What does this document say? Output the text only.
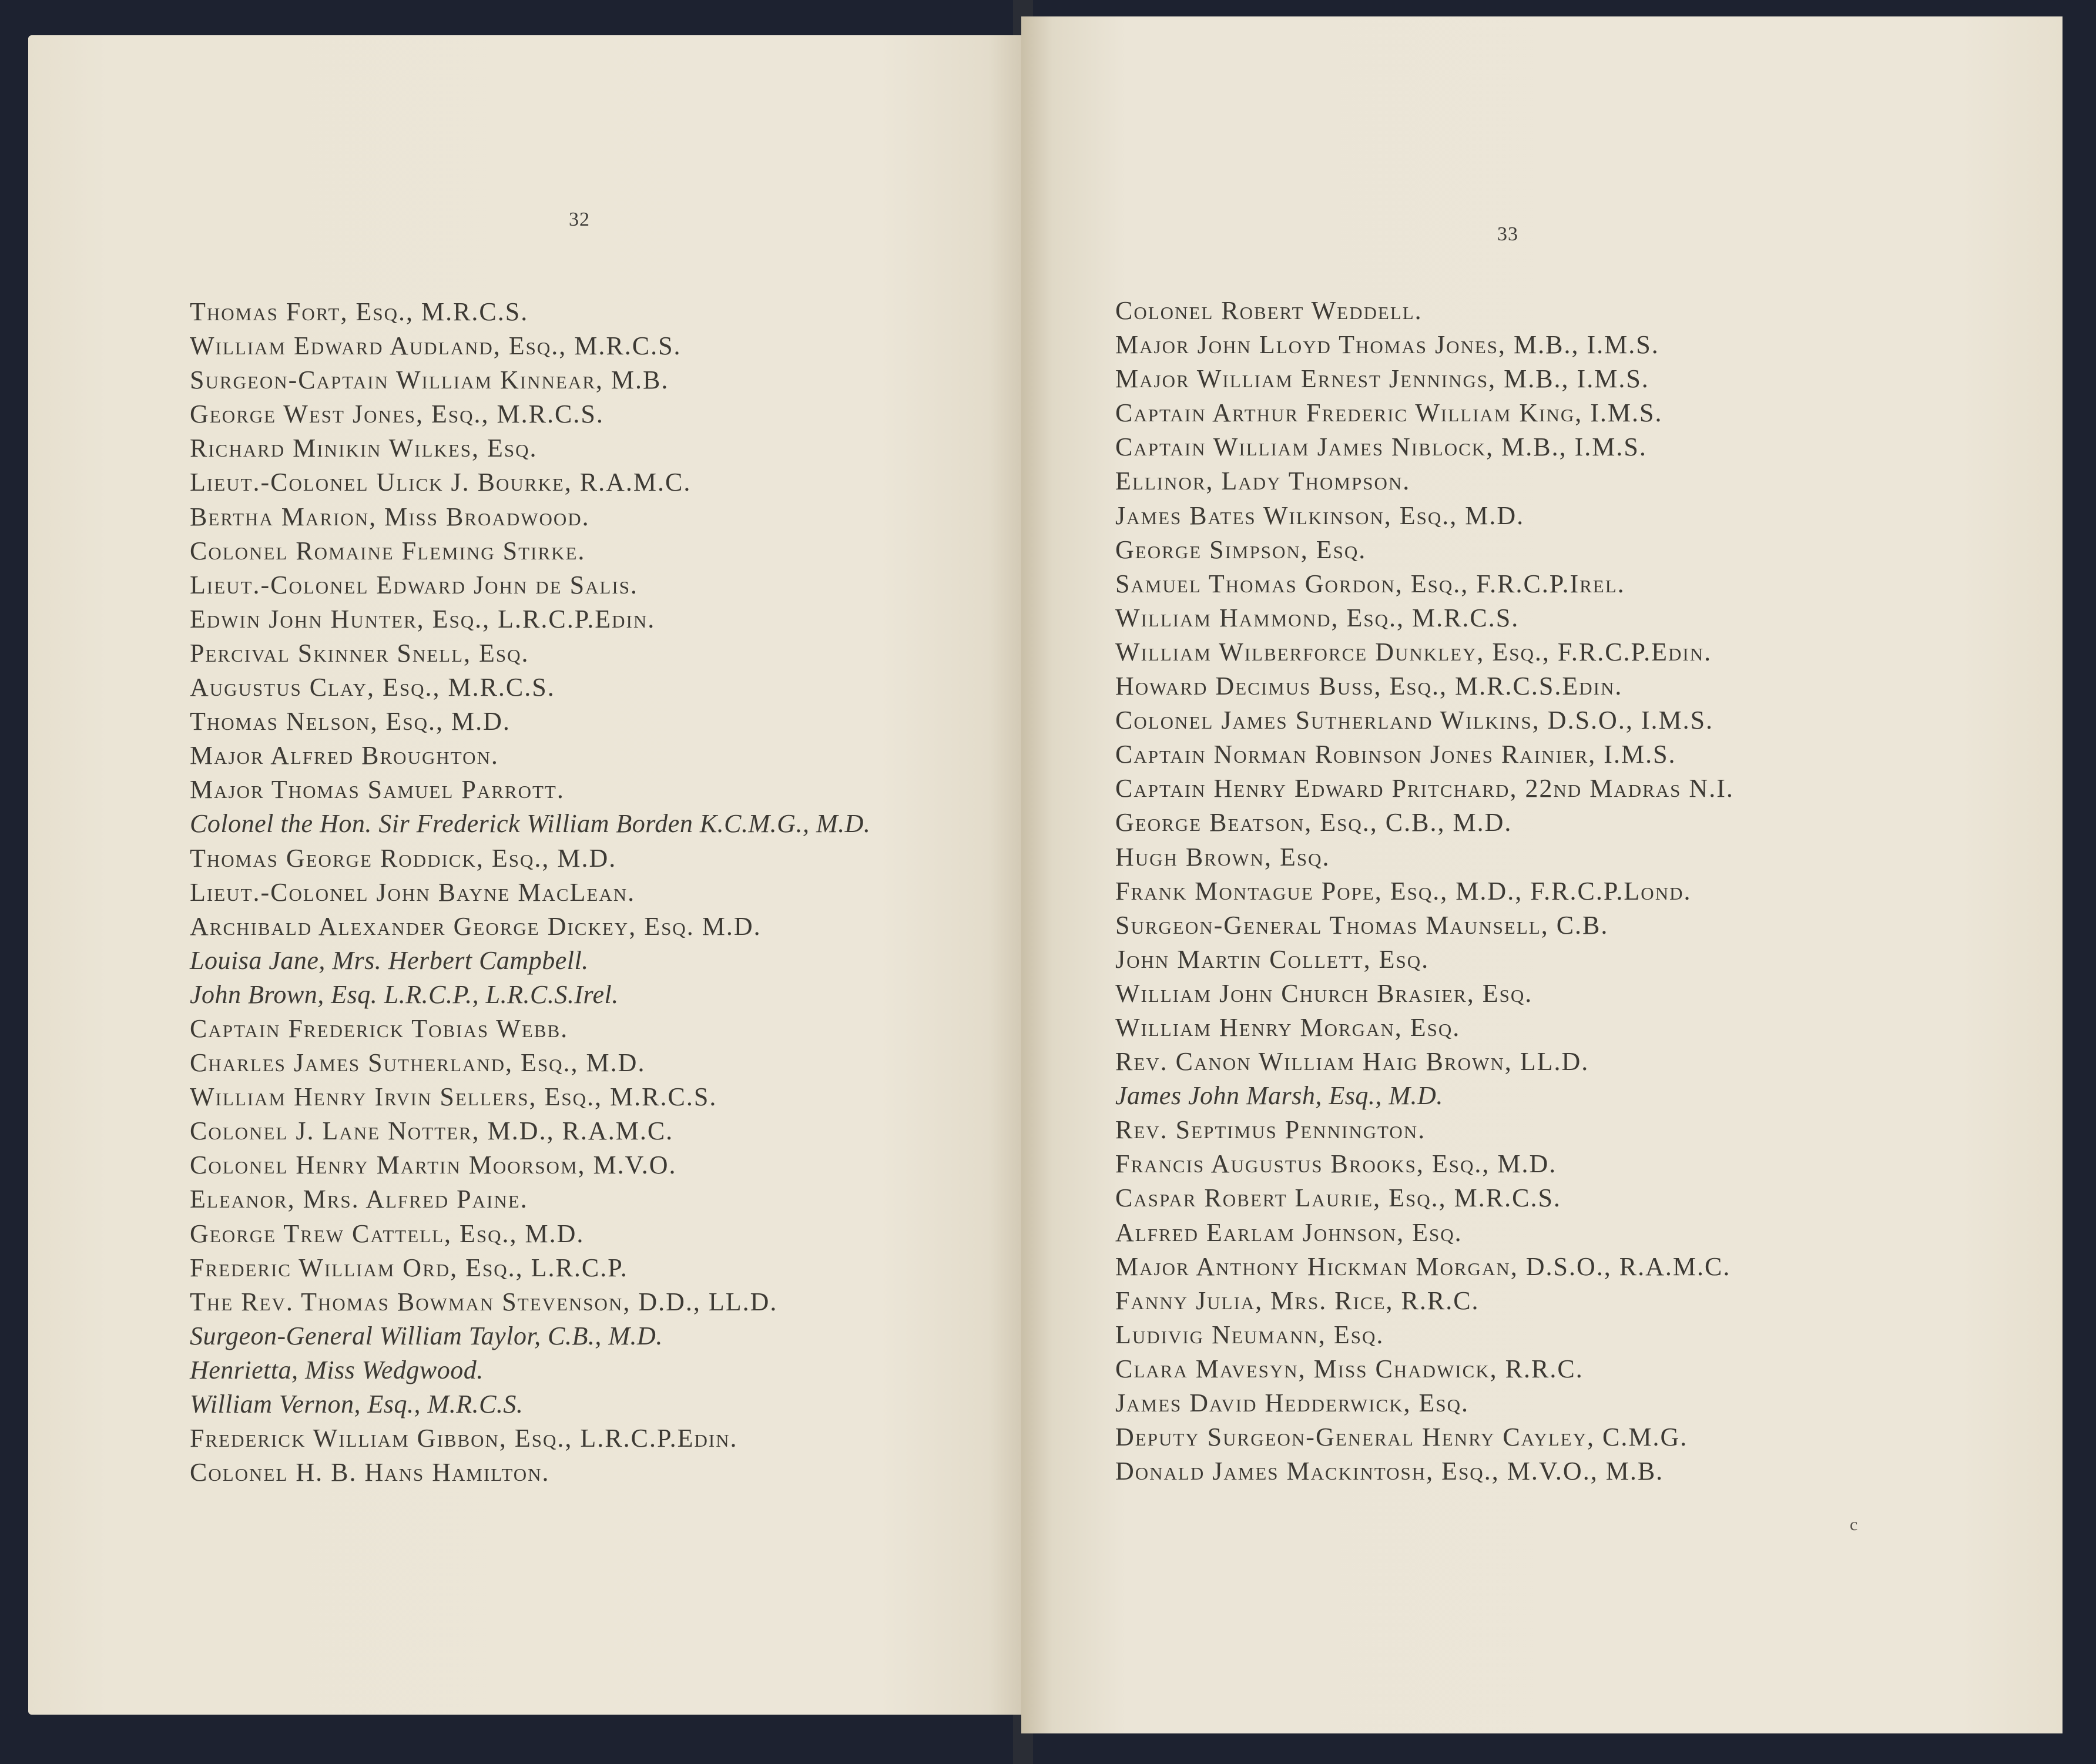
32
Thomas Fort, Esq., M.R.C.S.
William Edward Audland, Esq., M.R.C.S.
Surgeon-Captain William Kinnear, M.B.
George West Jones, Esq., M.R.C.S.
Richard Minikin Wilkes, Esq.
Lieut.-Colonel Ulick J. Bourke, R.A.M.C.
Bertha Marion, Miss Broadwood.
Colonel Romaine Fleming Stirke.
Lieut.-Colonel Edward John de Salis.
Edwin John Hunter, Esq., L.R.C.P.Edin.
Percival Skinner Snell, Esq.
Augustus Clay, Esq., M.R.C.S.
Thomas Nelson, Esq., M.D.
Major Alfred Broughton.
Major Thomas Samuel Parrott.
Colonel the Hon. Sir Frederick William Borden K.C.M.G., M.D.
Thomas George Roddick, Esq., M.D.
Lieut.-Colonel John Bayne MacLean.
Archibald Alexander George Dickey, Esq. M.D.
Louisa Jane, Mrs. Herbert Campbell.
John Brown, Esq. L.R.C.P., L.R.C.S.Irel.
Captain Frederick Tobias Webb.
Charles James Sutherland, Esq., M.D.
William Henry Irvin Sellers, Esq., M.R.C.S.
Colonel J. Lane Notter, M.D., R.A.M.C.
Colonel Henry Martin Moorsom, M.V.O.
Eleanor, Mrs. Alfred Paine.
George Trew Cattell, Esq., M.D.
Frederic William Ord, Esq., L.R.C.P.
The Rev. Thomas Bowman Stevenson, D.D., LL.D.
Surgeon-General William Taylor, C.B., M.D.
Henrietta, Miss Wedgwood.
William Vernon, Esq., M.R.C.S.
Frederick William Gibbon, Esq., L.R.C.P.Edin.
Colonel H. B. Hans Hamilton.
33
Colonel Robert Weddell.
Major John Lloyd Thomas Jones, M.B., I.M.S.
Major William Ernest Jennings, M.B., I.M.S.
Captain Arthur Frederic William King, I.M.S.
Captain William James Niblock, M.B., I.M.S.
Ellinor, Lady Thompson.
James Bates Wilkinson, Esq., M.D.
George Simpson, Esq.
Samuel Thomas Gordon, Esq., F.R.C.P.Irel.
William Hammond, Esq., M.R.C.S.
William Wilberforce Dunkley, Esq., F.R.C.P.Edin.
Howard Decimus Buss, Esq., M.R.C.S.Edin.
Colonel James Sutherland Wilkins, D.S.O., I.M.S.
Captain Norman Robinson Jones Rainier, I.M.S.
Captain Henry Edward Pritchard, 22nd Madras N.I.
George Beatson, Esq., C.B., M.D.
Hugh Brown, Esq.
Frank Montague Pope, Esq., M.D., F.R.C.P.Lond.
Surgeon-General Thomas Maunsell, C.B.
John Martin Collett, Esq.
William John Church Brasier, Esq.
William Henry Morgan, Esq.
Rev. Canon William Haig Brown, LL.D.
James John Marsh, Esq., M.D.
Rev. Septimus Pennington.
Francis Augustus Brooks, Esq., M.D.
Caspar Robert Laurie, Esq., M.R.C.S.
Alfred Earlam Johnson, Esq.
Major Anthony Hickman Morgan, D.S.O., R.A.M.C.
Fanny Julia, Mrs. Rice, R.R.C.
Ludivig Neumann, Esq.
Clara Mavesyn, Miss Chadwick, R.R.C.
James David Hedderwick, Esq.
Deputy Surgeon-General Henry Cayley, C.M.G.
Donald James Mackintosh, Esq., M.V.O., M.B.
c
